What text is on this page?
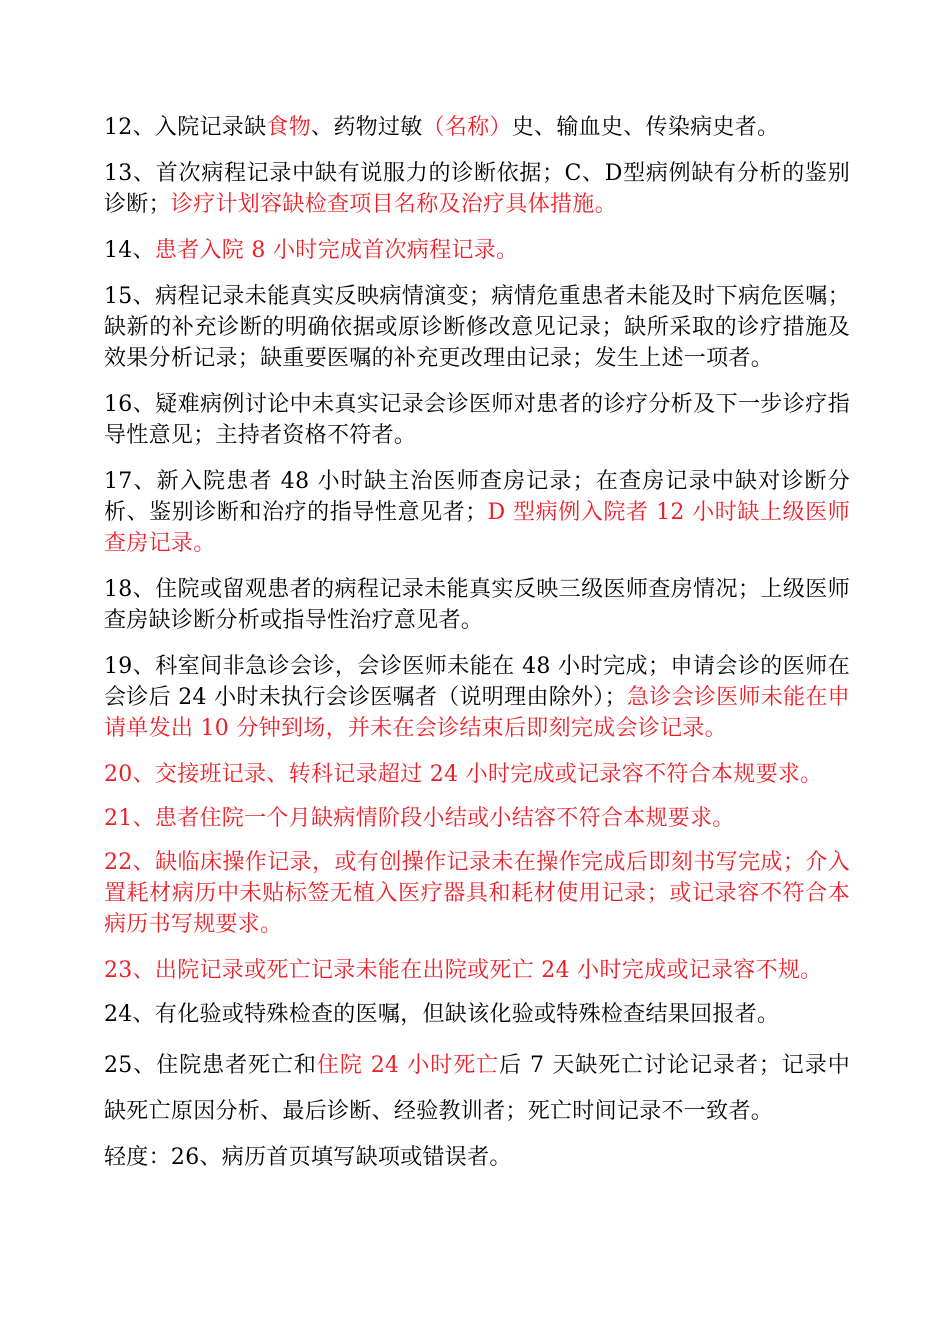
12、入院记录缺食物、药物过敏（名称）史、输血史、传染病史者。

13、首次病程记录中缺有说服力的诊断依据；C、D型病例缺有分析的鉴别诊断；诊疗计划容缺检查项目名称及治疗具体措施。

14、患者入院 8 小时完成首次病程记录。

15、病程记录未能真实反映病情演变；病情危重患者未能及时下病危医嘱；缺新的补充诊断的明确依据或原诊断修改意见记录；缺所采取的诊疗措施及效果分析记录；缺重要医嘱的补充更改理由记录；发生上述一项者。

16、疑难病例讨论中未真实记录会诊医师对患者的诊疗分析及下一步诊疗指导性意见；主持者资格不符者。

17、新入院患者 48 小时缺主治医师查房记录；在查房记录中缺对诊断分析、鉴别诊断和治疗的指导性意见者；D 型病例入院者 12 小时缺上级医师查房记录。

18、住院或留观患者的病程记录未能真实反映三级医师查房情况；上级医师查房缺诊断分析或指导性治疗意见者。

19、科室间非急诊会诊，会诊医师未能在 48 小时完成；申请会诊的医师在会诊后 24 小时未执行会诊医嘱者（说明理由除外）；急诊会诊医师未能在申请单发出 10 分钟到场，并未在会诊结束后即刻完成会诊记录。

20、交接班记录、转科记录超过 24 小时完成或记录容不符合本规要求。

21、患者住院一个月缺病情阶段小结或小结容不符合本规要求。

22、缺临床操作记录，或有创操作记录未在操作完成后即刻书写完成；介入置耗材病历中未贴标签无植入医疗器具和耗材使用记录；或记录容不符合本病历书写规要求。

23、出院记录或死亡记录未能在出院或死亡 24 小时完成或记录容不规。

24、有化验或特殊检查的医嘱，但缺该化验或特殊检查结果回报者。

25、住院患者死亡和住院 24 小时死亡后 7 天缺死亡讨论记录者；记录中缺死亡原因分析、最后诊断、经验教训者；死亡时间记录不一致者。

轻度：26、病历首页填写缺项或错误者。
